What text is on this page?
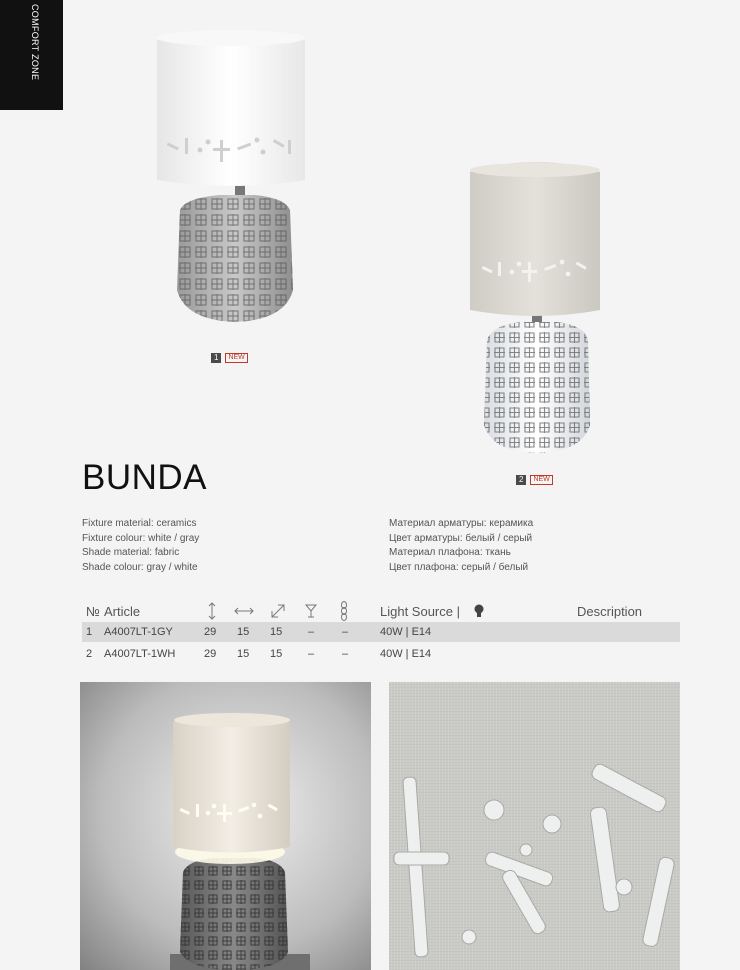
COMFORT ZONE
1	NEW
2	NEW
BUNDA
Fixture material: ceramics
Fixture colour: white / gray
Shade material: fabric
Shade colour: gray / white
Материал арматуры: керамика
Цвет арматуры: белый / серый
Материал плафона: ткань
Цвет плафона: серый / белый
№ Article	Light Source |	Description
1 A4007LT-1GY	29 15 15 –	–	40W | E14
2 A4007LT-1WH	29 15 15 –	–	40W | E14
